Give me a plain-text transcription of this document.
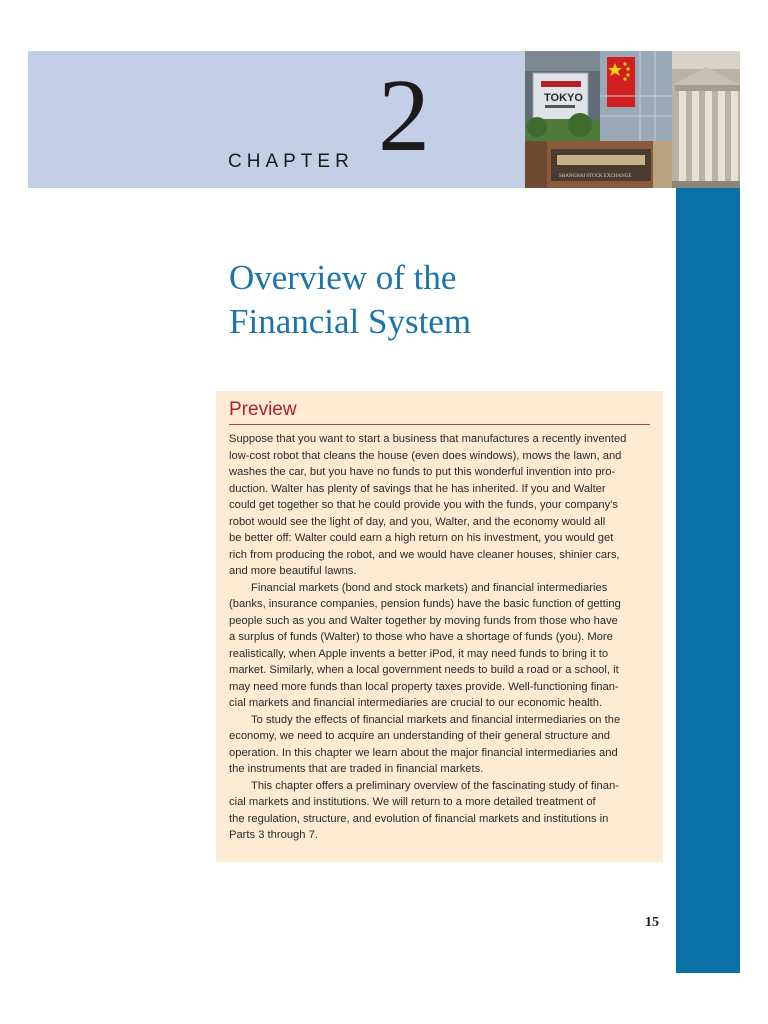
CHAPTER 2	TOKYO
SHANGHAI STOCK EXCHANGE
Overview of the
Financial System
Preview

Suppose that you want to start a business that manufactures a recently invented
low-cost robot that cleans the house (even does windows), mows the lawn, and
washes the car, but you have no funds to put this wonderful invention into pro-
duction. Walter has plenty of savings that he has inherited. If you and Walter
could get together so that he could provide you with the funds, your company's
robot would see the light of day, and you, Walter, and the economy would all
be better off: Walter could earn a high return on his investment, you would get
rich from producing the robot, and we would have cleaner houses, shinier cars,
and more beautiful lawns.

Financial markets (bond and stock markets) and financial intermediaries
(banks, insurance companies, pension funds) have the basic function of getting
people such as you and Walter together by moving funds from those who have
a surplus of funds (Walter) to those who have a shortage of funds (you). More
realistically, when Apple invents a better iPod, it may need funds to bring it to
market. Similarly, when a local government needs to build a road or a school, it
may need more funds than local property taxes provide. Well-functioning finan-
cial markets and financial intermediaries are crucial to our economic health.

To study the effects of financial markets and financial intermediaries on the
economy, we need to acquire an understanding of their general structure and
operation. In this chapter we learn about the major financial intermediaries and
the instruments that are traded in financial markets.

This chapter offers a preliminary overview of the fascinating study of finan-
cial markets and institutions. We will return to a more detailed treatment of
the regulation, structure, and evolution of financial markets and institutions in
Parts 3 through 7.

15
